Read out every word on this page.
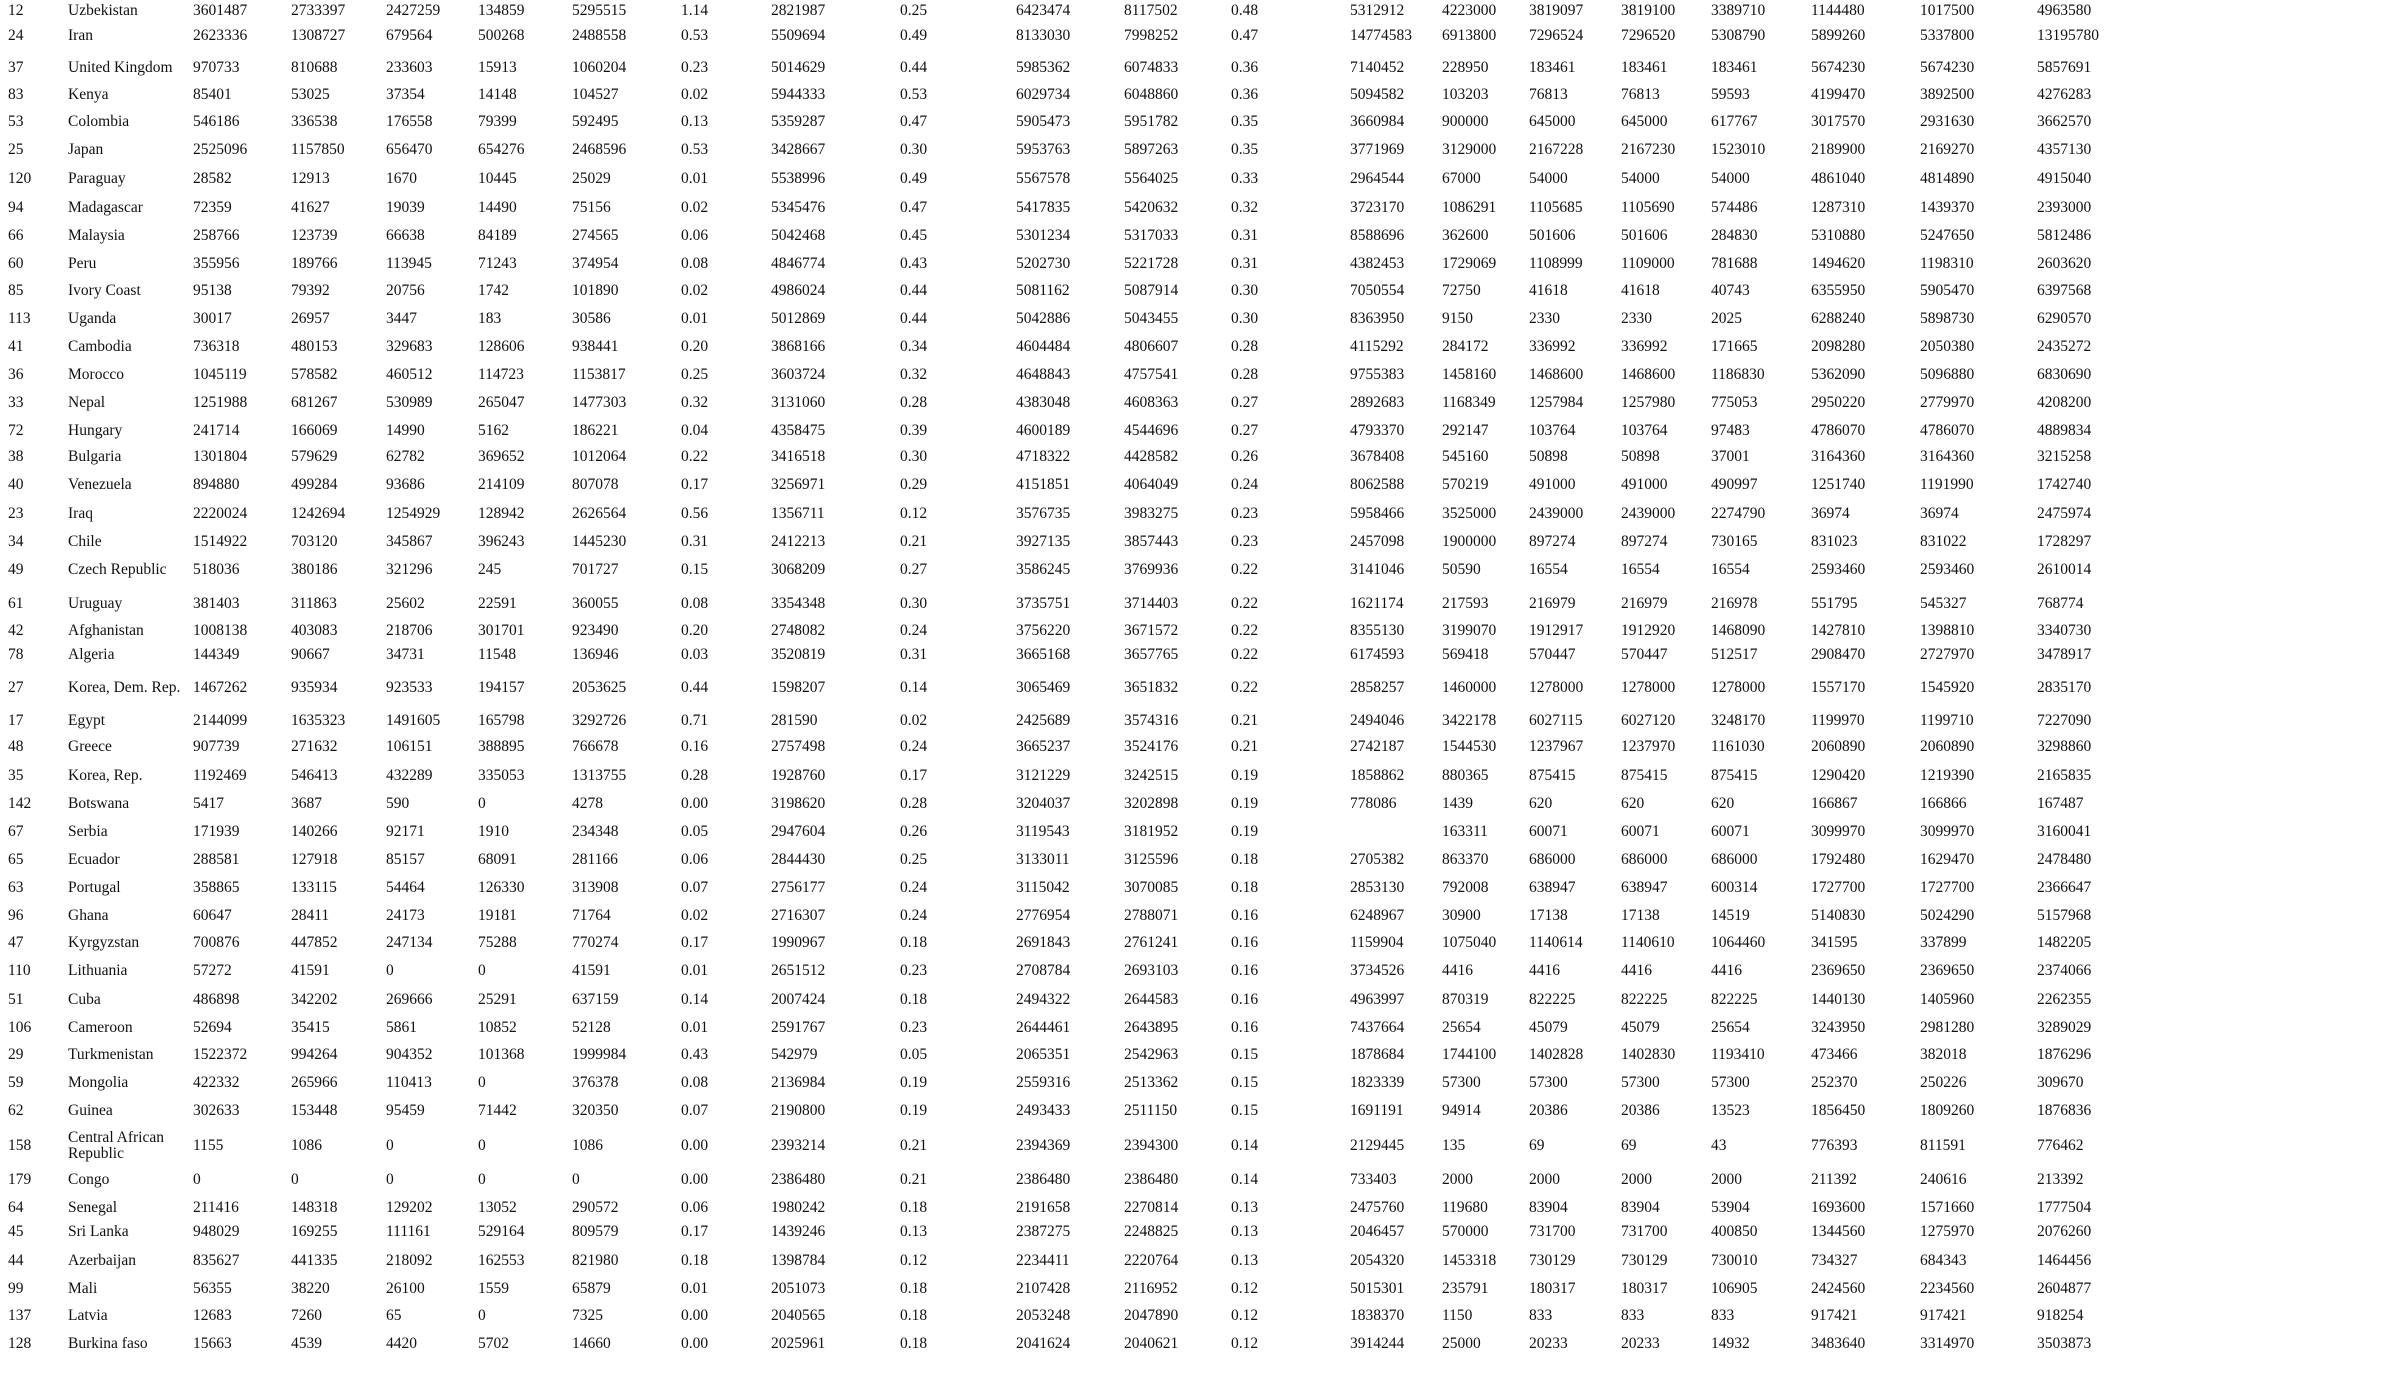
	12	Uzbekistan	3601487	2733397	2427259	134859	5295515	1.14	2821987	0.25	6423474	8117502	0.48	5312912	4223000	3819097	3819100	3389710	1144480	1017500	4963580
	24	Iran	2623336	1308727	679564	500268	2488558	0.53	5509694	0.49	8133030	7998252	0.47	14774583	6913800	7296524	7296520	5308790	5899260	5337800	13195780
	37	United Kingdom	970733	810688	233603	15913	1060204	0.23	5014629	0.44	5985362	6074833	0.36	7140452	228950	183461	183461	183461	5674230	5674230	5857691
	83	Kenya	85401	53025	37354	14148	104527	0.02	5944333	0.53	6029734	6048860	0.36	5094582	103203	76813	76813	59593	4199470	3892500	4276283
	53	Colombia	546186	336538	176558	79399	592495	0.13	5359287	0.47	5905473	5951782	0.35	3660984	900000	645000	645000	617767	3017570	2931630	3662570
	25	Japan	2525096	1157850	656470	654276	2468596	0.53	3428667	0.30	5953763	5897263	0.35	3771969	3129000	2167228	2167230	1523010	2189900	2169270	4357130
	120	Paraguay	28582	12913	1670	10445	25029	0.01	5538996	0.49	5567578	5564025	0.33	2964544	67000	54000	54000	54000	4861040	4814890	4915040
	94	Madagascar	72359	41627	19039	14490	75156	0.02	5345476	0.47	5417835	5420632	0.32	3723170	1086291	1105685	1105690	574486	1287310	1439370	2393000
	66	Malaysia	258766	123739	66638	84189	274565	0.06	5042468	0.45	5301234	5317033	0.31	8588696	362600	501606	501606	284830	5310880	5247650	5812486
	60	Peru	355956	189766	113945	71243	374954	0.08	4846774	0.43	5202730	5221728	0.31	4382453	1729069	1108999	1109000	781688	1494620	1198310	2603620
	85	Ivory Coast	95138	79392	20756	1742	101890	0.02	4986024	0.44	5081162	5087914	0.30	7050554	72750	41618	41618	40743	6355950	5905470	6397568
	113	Uganda	30017	26957	3447	183	30586	0.01	5012869	0.44	5042886	5043455	0.30	8363950	9150	2330	2330	2025	6288240	5898730	6290570
	41	Cambodia	736318	480153	329683	128606	938441	0.20	3868166	0.34	4604484	4806607	0.28	4115292	284172	336992	336992	171665	2098280	2050380	2435272
	36	Morocco	1045119	578582	460512	114723	1153817	0.25	3603724	0.32	4648843	4757541	0.28	9755383	1458160	1468600	1468600	1186830	5362090	5096880	6830690
	33	Nepal	1251988	681267	530989	265047	1477303	0.32	3131060	0.28	4383048	4608363	0.27	2892683	1168349	1257984	1257980	775053	2950220	2779970	4208200
	72	Hungary	241714	166069	14990	5162	186221	0.04	4358475	0.39	4600189	4544696	0.27	4793370	292147	103764	103764	97483	4786070	4786070	4889834
	38	Bulgaria	1301804	579629	62782	369652	1012064	0.22	3416518	0.30	4718322	4428582	0.26	3678408	545160	50898	50898	37001	3164360	3164360	3215258
	40	Venezuela	894880	499284	93686	214109	807078	0.17	3256971	0.29	4151851	4064049	0.24	8062588	570219	491000	491000	490997	1251740	1191990	1742740
	23	Iraq	2220024	1242694	1254929	128942	2626564	0.56	1356711	0.12	3576735	3983275	0.23	5958466	3525000	2439000	2439000	2274790	36974	36974	2475974
	34	Chile	1514922	703120	345867	396243	1445230	0.31	2412213	0.21	3927135	3857443	0.23	2457098	1900000	897274	897274	730165	831023	831022	1728297
	49	Czech Republic	518036	380186	321296	245	701727	0.15	3068209	0.27	3586245	3769936	0.22	3141046	50590	16554	16554	16554	2593460	2593460	2610014
	61	Uruguay	381403	311863	25602	22591	360055	0.08	3354348	0.30	3735751	3714403	0.22	1621174	217593	216979	216979	216978	551795	545327	768774
	42	Afghanistan	1008138	403083	218706	301701	923490	0.20	2748082	0.24	3756220	3671572	0.22	8355130	3199070	1912917	1912920	1468090	1427810	1398810	3340730
	78	Algeria	144349	90667	34731	11548	136946	0.03	3520819	0.31	3665168	3657765	0.22	6174593	569418	570447	570447	512517	2908470	2727970	3478917
	27	Korea, Dem. Rep.	1467262	935934	923533	194157	2053625	0.44	1598207	0.14	3065469	3651832	0.22	2858257	1460000	1278000	1278000	1278000	1557170	1545920	2835170
	17	Egypt	2144099	1635323	1491605	165798	3292726	0.71	281590	0.02	2425689	3574316	0.21	2494046	3422178	6027115	6027120	3248170	1199970	1199710	7227090
	48	Greece	907739	271632	106151	388895	766678	0.16	2757498	0.24	3665237	3524176	0.21	2742187	1544530	1237967	1237970	1161030	2060890	2060890	3298860
	35	Korea, Rep.	1192469	546413	432289	335053	1313755	0.28	1928760	0.17	3121229	3242515	0.19	1858862	880365	875415	875415	875415	1290420	1219390	2165835
	142	Botswana	5417	3687	590	0	4278	0.00	3198620	0.28	3204037	3202898	0.19	778086	1439	620	620	620	166867	166866	167487
	67	Serbia	171939	140266	92171	1910	234348	0.05	2947604	0.26	3119543	3181952	0.19		163311	60071	60071	60071	3099970	3099970	3160041
	65	Ecuador	288581	127918	85157	68091	281166	0.06	2844430	0.25	3133011	3125596	0.18	2705382	863370	686000	686000	686000	1792480	1629470	2478480
	63	Portugal	358865	133115	54464	126330	313908	0.07	2756177	0.24	3115042	3070085	0.18	2853130	792008	638947	638947	600314	1727700	1727700	2366647
	96	Ghana	60647	28411	24173	19181	71764	0.02	2716307	0.24	2776954	2788071	0.16	6248967	30900	17138	17138	14519	5140830	5024290	5157968
	47	Kyrgyzstan	700876	447852	247134	75288	770274	0.17	1990967	0.18	2691843	2761241	0.16	1159904	1075040	1140614	1140610	1064460	341595	337899	1482205
	110	Lithuania	57272	41591	0	0	41591	0.01	2651512	0.23	2708784	2693103	0.16	3734526	4416	4416	4416	4416	2369650	2369650	2374066
	51	Cuba	486898	342202	269666	25291	637159	0.14	2007424	0.18	2494322	2644583	0.16	4963997	870319	822225	822225	822225	1440130	1405960	2262355
	106	Cameroon	52694	35415	5861	10852	52128	0.01	2591767	0.23	2644461	2643895	0.16	7437664	25654	45079	45079	25654	3243950	2981280	3289029
	29	Turkmenistan	1522372	994264	904352	101368	1999984	0.43	542979	0.05	2065351	2542963	0.15	1878684	1744100	1402828	1402830	1193410	473466	382018	1876296
	59	Mongolia	422332	265966	110413	0	376378	0.08	2136984	0.19	2559316	2513362	0.15	1823339	57300	57300	57300	57300	252370	250226	309670
	62	Guinea	302633	153448	95459	71442	320350	0.07	2190800	0.19	2493433	2511150	0.15	1691191	94914	20386	20386	13523	1856450	1809260	1876836
	158	Central African Republic	1155	1086	0	0	1086	0.00	2393214	0.21	2394369	2394300	0.14	2129445	135	69	69	43	776393	811591	776462
	179	Congo	0	0	0	0	0	0.00	2386480	0.21	2386480	2386480	0.14	733403	2000	2000	2000	2000	211392	240616	213392
	64	Senegal	211416	148318	129202	13052	290572	0.06	1980242	0.18	2191658	2270814	0.13	2475760	119680	83904	83904	53904	1693600	1571660	1777504
	45	Sri Lanka	948029	169255	111161	529164	809579	0.17	1439246	0.13	2387275	2248825	0.13	2046457	570000	731700	731700	400850	1344560	1275970	2076260
	44	Azerbaijan	835627	441335	218092	162553	821980	0.18	1398784	0.12	2234411	2220764	0.13	2054320	1453318	730129	730129	730010	734327	684343	1464456
	99	Mali	56355	38220	26100	1559	65879	0.01	2051073	0.18	2107428	2116952	0.12	5015301	235791	180317	180317	106905	2424560	2234560	2604877
	137	Latvia	12683	7260	65	0	7325	0.00	2040565	0.18	2053248	2047890	0.12	1838370	1150	833	833	833	917421	917421	918254
	128	Burkina faso	15663	4539	4420	5702	14660	0.00	2025961	0.18	2041624	2040621	0.12	3914244	25000	20233	20233	14932	3483640	3314970	3503873
